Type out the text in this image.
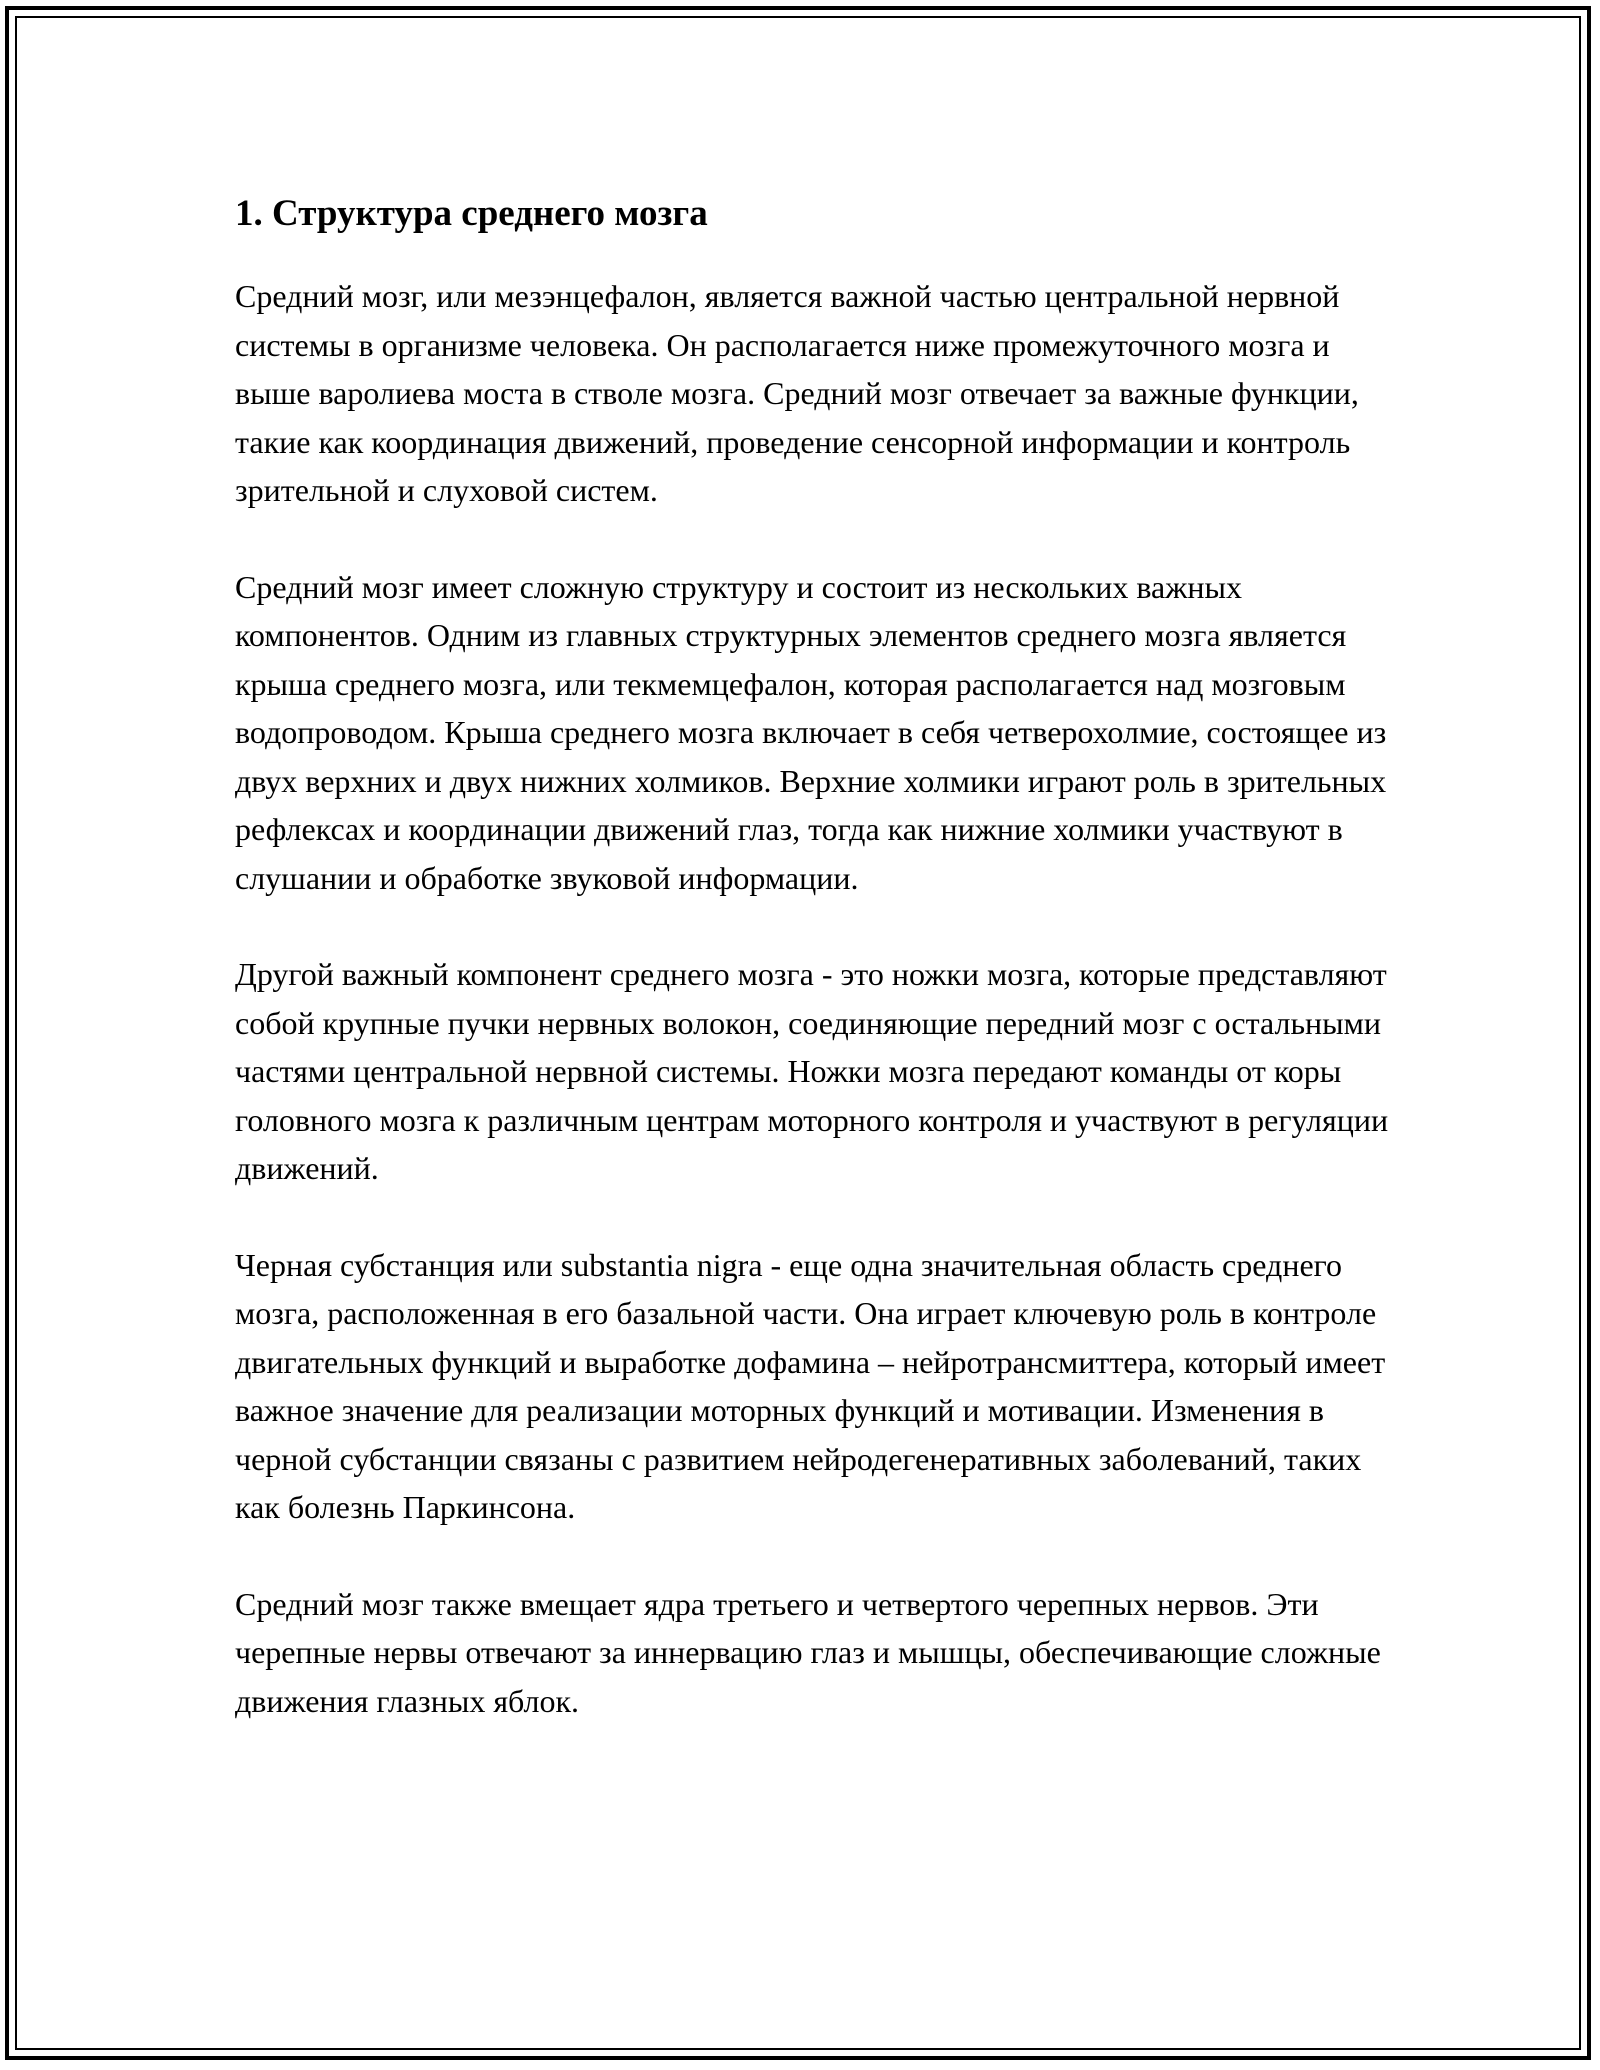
1. Структура среднего мозга

Средний мозг, или мезэнцефалон, является важной частью центральной нервной системы в организме человека. Он располагается ниже промежуточного мозга и выше варолиева моста в стволе мозга. Средний мозг отвечает за важные функции, такие как координация движений, проведение сенсорной информации и контроль зрительной и слуховой систем.

Средний мозг имеет сложную структуру и состоит из нескольких важных компонентов. Одним из главных структурных элементов среднего мозга является крыша среднего мозга, или текмемцефалон, которая располагается над мозговым водопроводом. Крыша среднего мозга включает в себя четверохолмие, состоящее из двух верхних и двух нижних холмиков. Верхние холмики играют роль в зрительных рефлексах и координации движений глаз, тогда как нижние холмики участвуют в слушании и обработке звуковой информации.

Другой важный компонент среднего мозга - это ножки мозга, которые представляют собой крупные пучки нервных волокон, соединяющие передний мозг с остальными частями центральной нервной системы. Ножки мозга передают команды от коры головного мозга к различным центрам моторного контроля и участвуют в регуляции движений.

Черная субстанция или substantia nigra - еще одна значительная область среднего мозга, расположенная в его базальной части. Она играет ключевую роль в контроле двигательных функций и выработке дофамина – нейротрансмиттера, который имеет важное значение для реализации моторных функций и мотивации. Изменения в черной субстанции связаны с развитием нейродегенеративных заболеваний, таких как болезнь Паркинсона.

Средний мозг также вмещает ядра третьего и четвертого черепных нервов. Эти черепные нервы отвечают за иннервацию глаз и мышцы, обеспечивающие сложные движения глазных яблок.
